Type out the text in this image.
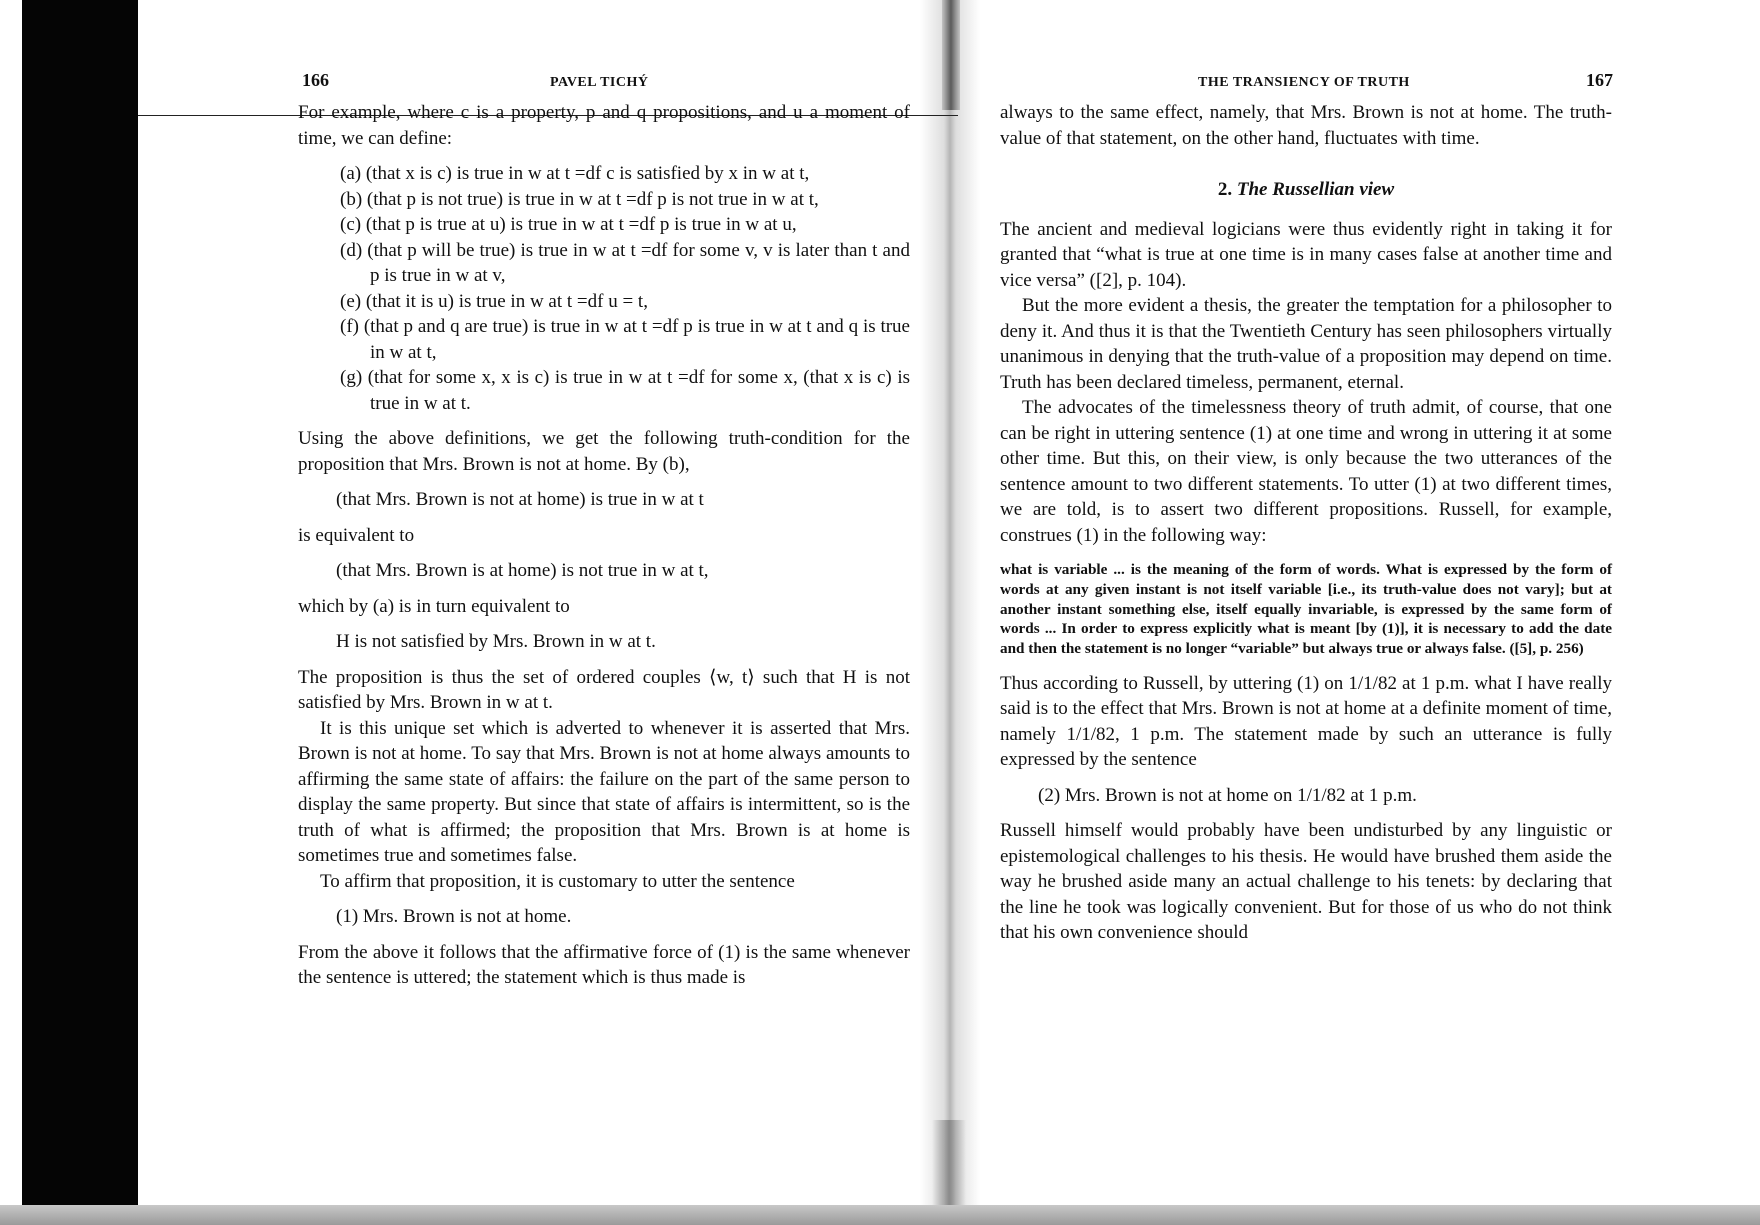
166	PAVEL TICHÝ

For example, where c is a property, p and q propositions, and u a moment of time, we can define:

(a) (that x is c) is true in w at t =df c is satisfied by x in w at t,
(b) (that p is not true) is true in w at t =df p is not true in w at t,
(c) (that p is true at u) is true in w at t =df p is true in w at u,
(d) (that p will be true) is true in w at t =df for some v, v is later than t and p is true in w at v,
(e) (that it is u) is true in w at t =df u = t,
(f) (that p and q are true) is true in w at t =df p is true in w at t and q is true in w at t,
(g) (that for some x, x is c) is true in w at t =df for some x, (that x is c) is true in w at t.

Using the above definitions, we get the following truth-condition for the proposition that Mrs. Brown is not at home. By (b),

(that Mrs. Brown is not at home) is true in w at t

is equivalent to

(that Mrs. Brown is at home) is not true in w at t,

which by (a) is in turn equivalent to

H is not satisfied by Mrs. Brown in w at t.

The proposition is thus the set of ordered couples ⟨w, t⟩ such that H is not satisfied by Mrs. Brown in w at t.

It is this unique set which is adverted to whenever it is asserted that Mrs. Brown is not at home. To say that Mrs. Brown is not at home always amounts to affirming the same state of affairs: the failure on the part of the same person to display the same property. But since that state of affairs is intermittent, so is the truth of what is affirmed; the proposition that Mrs. Brown is at home is sometimes true and sometimes false.

To affirm that proposition, it is customary to utter the sentence

(1) Mrs. Brown is not at home.

From the above it follows that the affirmative force of (1) is the same whenever the sentence is uttered; the statement which is thus made is

THE TRANSIENCY OF TRUTH	167

always to the same effect, namely, that Mrs. Brown is not at home. The truth-value of that statement, on the other hand, fluctuates with time.

2. The Russellian view

The ancient and medieval logicians were thus evidently right in taking it for granted that “what is true at one time is in many cases false at another time and vice versa” ([2], p. 104).

But the more evident a thesis, the greater the temptation for a philosopher to deny it. And thus it is that the Twentieth Century has seen philosophers virtually unanimous in denying that the truth-value of a proposition may depend on time. Truth has been declared timeless, permanent, eternal.

The advocates of the timelessness theory of truth admit, of course, that one can be right in uttering sentence (1) at one time and wrong in uttering it at some other time. But this, on their view, is only because the two utterances of the sentence amount to two different statements. To utter (1) at two different times, we are told, is to assert two different propositions. Russell, for example, construes (1) in the following way:

what is variable ... is the meaning of the form of words. What is expressed by the form of words at any given instant is not itself variable [i.e., its truth-value does not vary]; but at another instant something else, itself equally invariable, is expressed by the same form of words ... In order to express explicitly what is meant [by (1)], it is necessary to add the date and then the statement is no longer “variable” but always true or always false. ([5], p. 256)

Thus according to Russell, by uttering (1) on 1/1/82 at 1 p.m. what I have really said is to the effect that Mrs. Brown is not at home at a definite moment of time, namely 1/1/82, 1 p.m. The statement made by such an utterance is fully expressed by the sentence

(2) Mrs. Brown is not at home on 1/1/82 at 1 p.m.

Russell himself would probably have been undisturbed by any linguistic or epistemological challenges to his thesis. He would have brushed them aside the way he brushed aside many an actual challenge to his tenets: by declaring that the line he took was logically convenient. But for those of us who do not think that his own convenience should
